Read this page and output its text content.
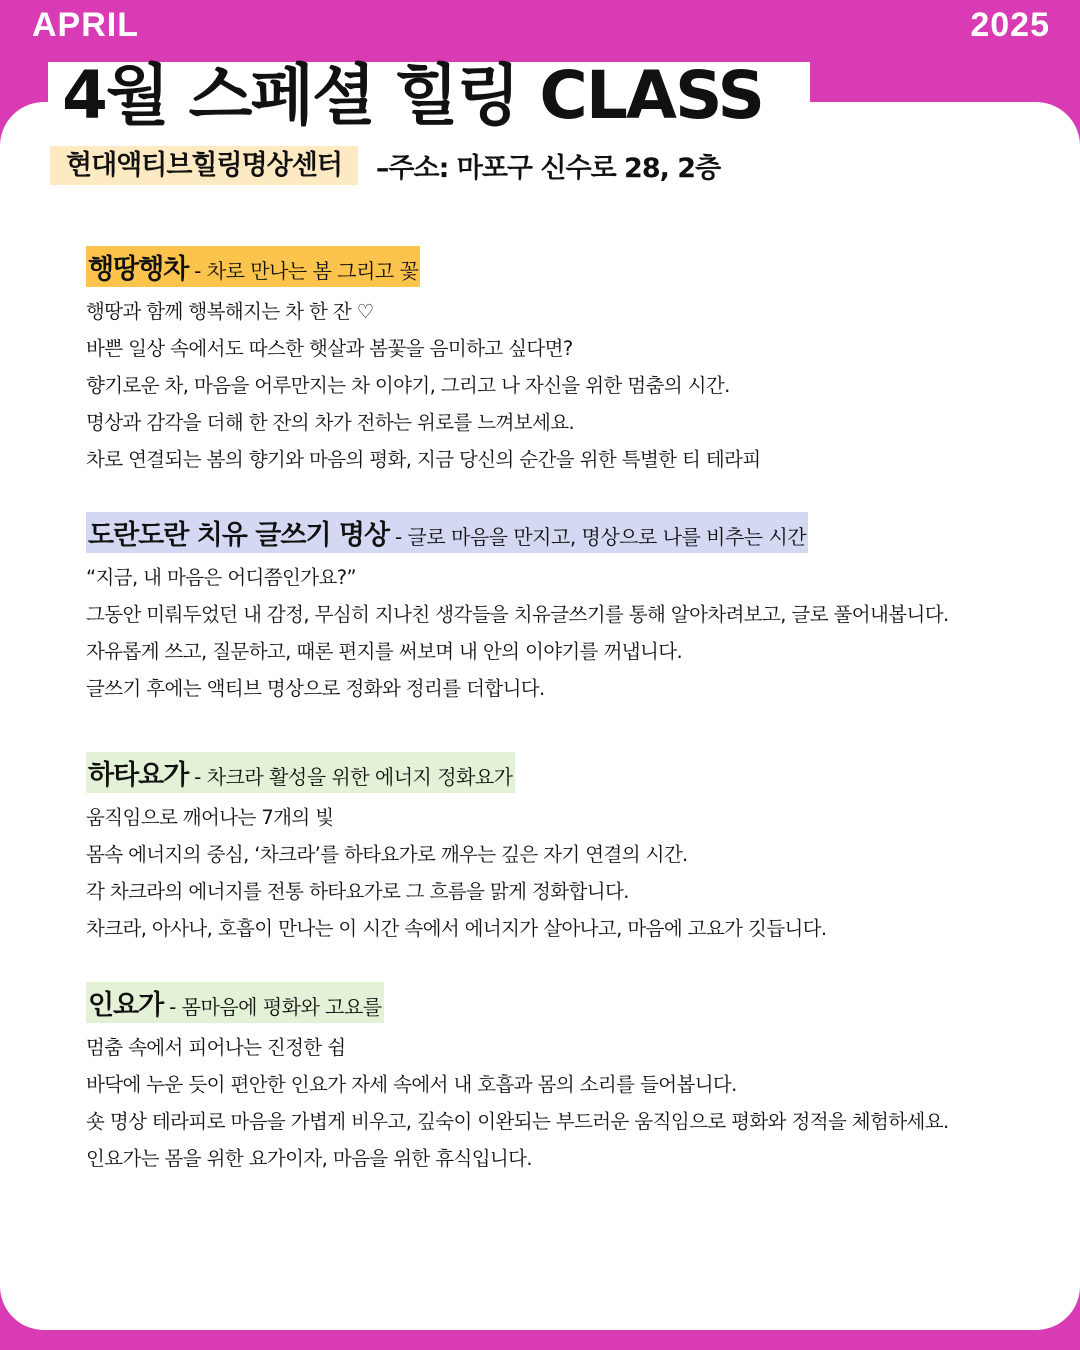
APRIL	2025
4월 스페셜 힐링 CLASS
현대액티브힐링명상센터	–주소: 마포구 신수로 28, 2층
행땅행차 - 차로 만나는 봄 그리고 꽃
행땅과 함께 행복해지는 차 한 잔 ♡
바쁜 일상 속에서도 따스한 햇살과 봄꽃을 음미하고 싶다면?
향기로운 차, 마음을 어루만지는 차 이야기, 그리고 나 자신을 위한 멈춤의 시간.
명상과 감각을 더해 한 잔의 차가 전하는 위로를 느껴보세요.
차로 연결되는 봄의 향기와 마음의 평화, 지금 당신의 순간을 위한 특별한 티 테라피
도란도란 치유 글쓰기 명상 - 글로 마음을 만지고, 명상으로 나를 비추는 시간
“지금, 내 마음은 어디쯤인가요?”
그동안 미뤄두었던 내 감정, 무심히 지나친 생각들을 치유글쓰기를 통해 알아차려보고, 글로 풀어내봅니다.
자유롭게 쓰고, 질문하고, 때론 편지를 써보며 내 안의 이야기를 꺼냅니다.
글쓰기 후에는 액티브 명상으로 정화와 정리를 더합니다.
하타요가 - 차크라 활성을 위한 에너지 정화요가
움직임으로 깨어나는 7개의 빛
몸속 에너지의 중심, ‘차크라’를 하타요가로 깨우는 깊은 자기 연결의 시간.
각 차크라의 에너지를 전통 하타요가로 그 흐름을 맑게 정화합니다.
차크라, 아사나, 호흡이 만나는 이 시간 속에서 에너지가 살아나고, 마음에 고요가 깃듭니다.
인요가 - 몸마음에 평화와 고요를
멈춤 속에서 피어나는 진정한 쉼
바닥에 누운 듯이 편안한 인요가 자세 속에서 내 호흡과 몸의 소리를 들어봅니다.
숏 명상 테라피로 마음을 가볍게 비우고, 깊숙이 이완되는 부드러운 움직임으로 평화와 정적을 체험하세요.
인요가는 몸을 위한 요가이자, 마음을 위한 휴식입니다.
